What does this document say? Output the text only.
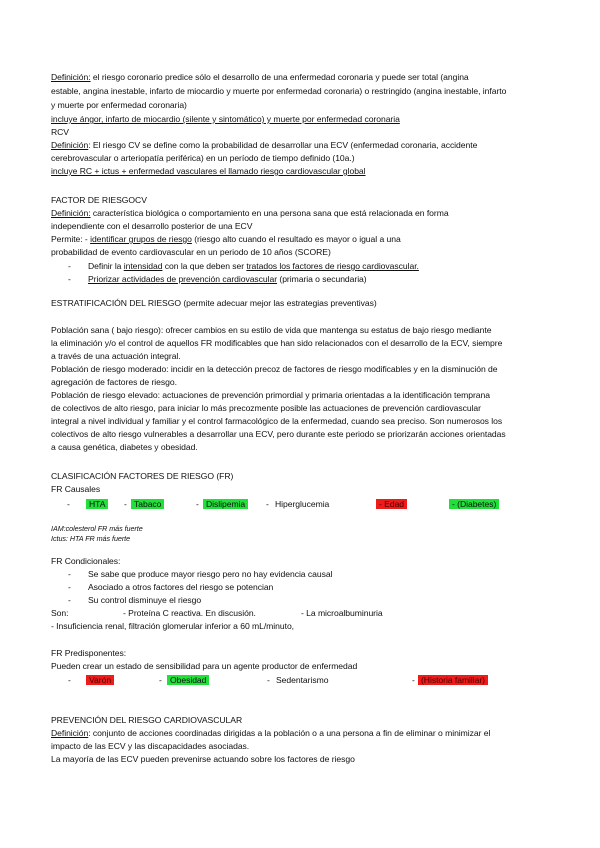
Definición: el riesgo coronario predice sólo el desarrollo de una enfermedad coronaria y puede ser total (angina
estable, angina inestable, infarto de miocardio y muerte por enfermedad coronaria) o restringido (angina inestable, infarto
y muerte por enfermedad coronaria)
incluye ángor, infarto de miocardio (silente y sintomático) y muerte por enfermedad coronaria
RCV
Definición: El riesgo CV se define como la probabilidad de desarrollar una ECV (enfermedad coronaria, accidente
cerebrovascular o arteriopatía periférica) en un período de tiempo definido (10a.)
incluye RC + ictus + enfermedad vasculares el llamado riesgo cardiovascular global
FACTOR DE RIESGOCV
Definición: característica biológica o comportamiento en una persona sana que está relacionada en forma
independiente con el desarrollo posterior de una ECV
Permite: - identificar grupos de riesgo (riesgo alto cuando el resultado es mayor o igual a una
probabilidad de evento cardiovascular en un periodo de 10 años (SCORE)
- Definir la intensidad con la que deben ser tratados los factores de riesgo cardiovascular.
- Priorizar actividades de prevención cardiovascular (primaria o secundaria)
ESTRATIFICACIÓN DEL RIESGO (permite adecuar mejor las estrategias preventivas)
Población sana ( bajo riesgo): ofrecer cambios en su estilo de vida que mantenga su estatus de bajo riesgo mediante
la eliminación y/o el control de aquellos FR modificables que han sido relacionados con el desarrollo de la ECV, siempre
a través de una actuación integral.
Población de riesgo moderado: incidir en la detección precoz de factores de riesgo modificables y en la disminución de
agregación de factores de riesgo.
Población de riesgo elevado: actuaciones de prevención primordial y primaria orientadas a la identificación temprana
de colectivos de alto riesgo, para iniciar lo más precozmente posible las actuaciones de prevención cardiovascular
integral a nivel individual y familiar y el control farmacológico de la enfermedad, cuando sea preciso. Son numerosos los
colectivos de alto riesgo vulnerables a desarrollar una ECV, pero durante este periodo se priorizarán acciones orientadas
a causa genética, diabetes y obesidad.
CLASIFICACIÓN FACTORES DE RIESGO (FR)
FR Causales
-	HTA	- Tabaco	- Dislipemia	- Hiperglucemia	- Edad	- (Diabetes)
IAM:colesterol FR más fuerte
Ictus: HTA FR más fuerte
FR Condicionales:
- Se sabe que produce mayor riesgo pero no hay evidencia causal
- Asociado a otros factores del riesgo se potencian
- Su control disminuye el riesgo
Son:	- Proteína C reactiva. En discusión.	- La microalbuminuria
- Insuficiencia renal, filtración glomerular inferior a 60 mL/minuto,
FR Predisponentes:
Pueden crear un estado de sensibilidad para un agente productor de enfermedad
-	Varón	- Obesidad	- Sedentarismo	- (Historia familiar)
PREVENCIÓN DEL RIESGO CARDIOVASCULAR
Definición: conjunto de acciones coordinadas dirigidas a la población o a una persona a fin de eliminar o minimizar el
impacto de las ECV y las discapacidades asociadas.
La mayoría de las ECV pueden prevenirse actuando sobre los factores de riesgo
